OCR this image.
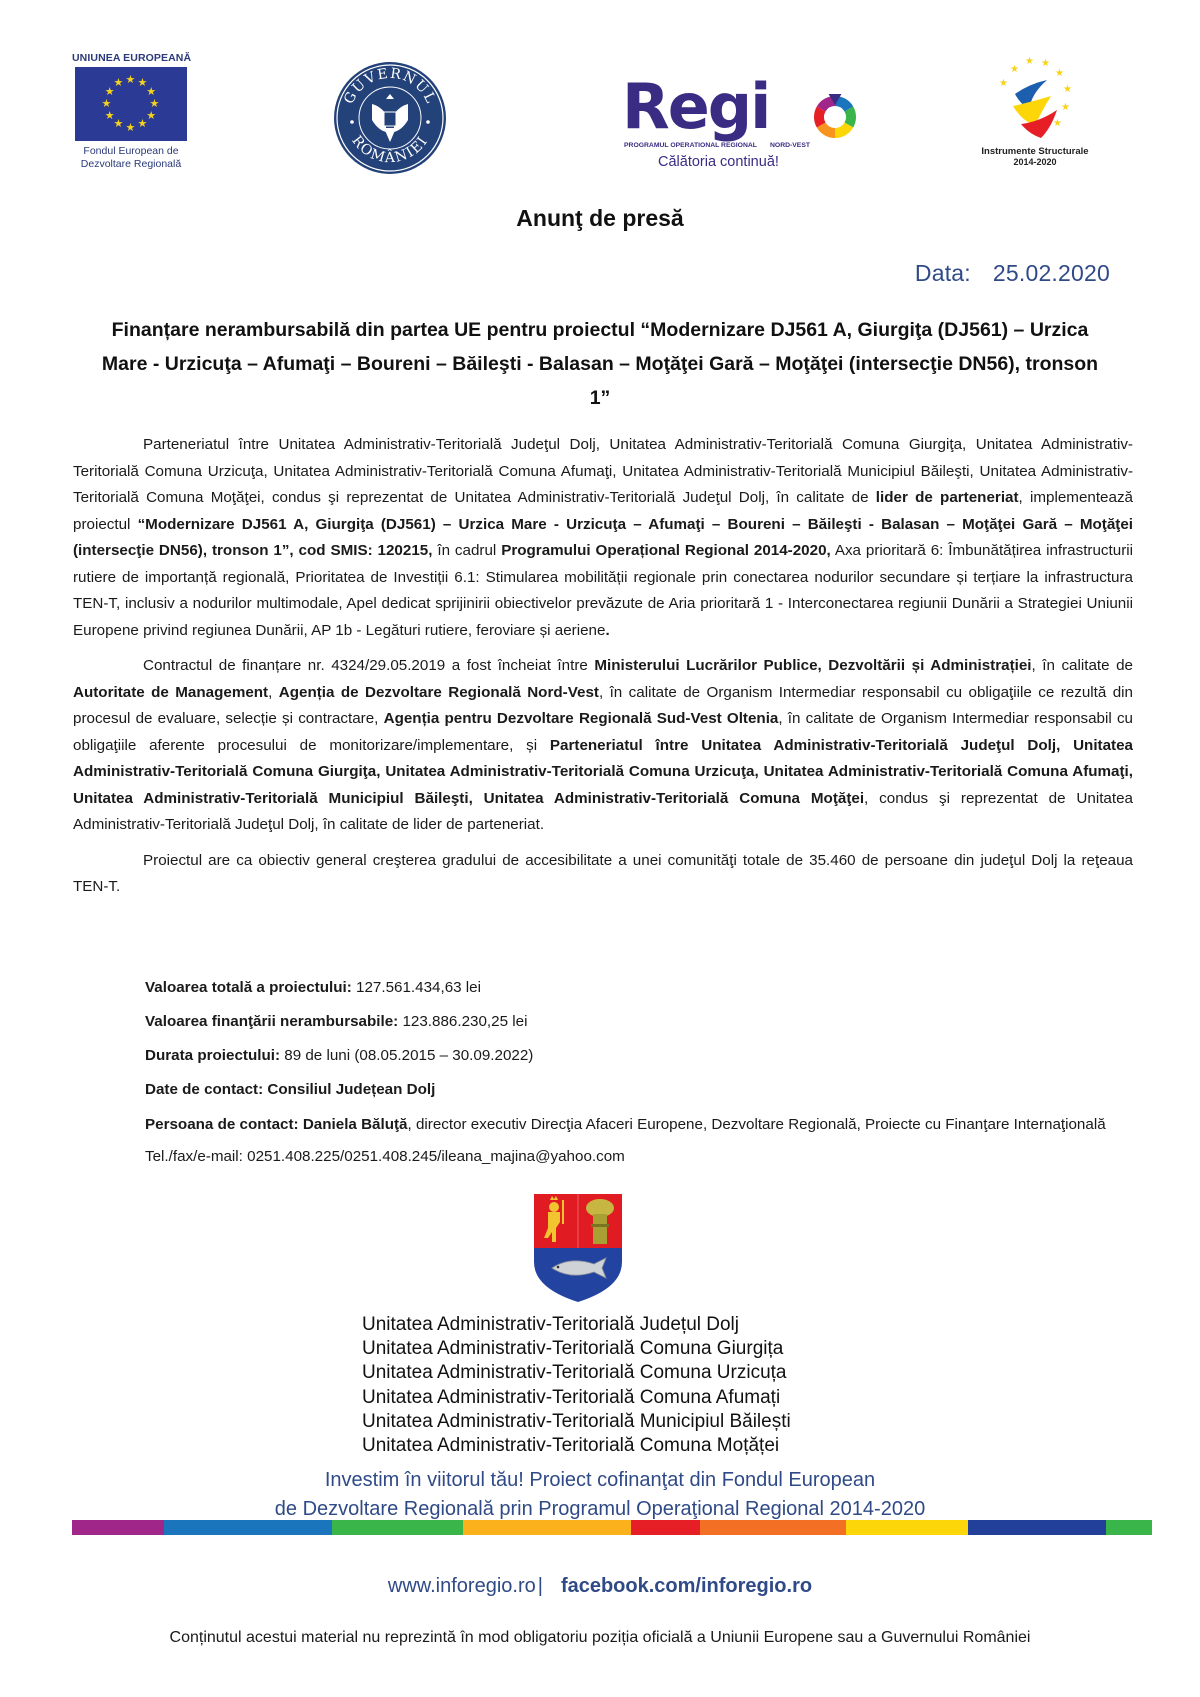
UNIUNEA EUROPEANĂ
★ ★
★
★
★
★
★
★
★
★
★
★
Fondul European de
Dezvoltare Regională
GUVERNUL
ROMÂNIEI	Regi
PROGRAMUL OPERATIONAL REGIONAL NORD-VEST
Călătoria continuă!
★ ★
★	★
★
★
★
★
Instrumente Structurale
2014-2020
Anunţ de presă
Data: 25.02.2020
Finanțare nerambursabilă din partea UE pentru proiectul “Modernizare DJ561 A, Giurgiţa (DJ561) – Urzica Mare - Urzicuţa – Afumaţi – Boureni – Băileşti - Balasan – Moţăţei Gară – Moţăţei (intersecţie DN56), tronson 1”

Parteneriatul între Unitatea Administrativ-Teritorială Judeţul Dolj, Unitatea Administrativ-Teritorială Comuna Giurgiţa, Unitatea Administrativ-Teritorială Comuna Urzicuţa, Unitatea Administrativ-Teritorială Comuna Afumaţi, Unitatea Administrativ-Teritorială Municipiul Băileşti, Unitatea Administrativ-Teritorială Comuna Moţăţei, condus şi reprezentat de Unitatea Administrativ-Teritorială Judeţul Dolj, în calitate de lider de parteneriat, implementează proiectul “Modernizare DJ561 A, Giurgiţa (DJ561) – Urzica Mare - Urzicuţa – Afumaţi – Boureni – Băileşti - Balasan – Moţăţei Gară – Moţăţei (intersecţie DN56), tronson 1”, cod SMIS: 120215, în cadrul Programului Operațional Regional 2014-2020, Axa prioritară 6: Îmbunătățirea infrastructurii rutiere de importanță regională, Prioritatea de Investiții 6.1: Stimularea mobilității regionale prin conectarea nodurilor secundare și terțiare la infrastructura TEN-T, inclusiv a nodurilor multimodale, Apel dedicat sprijinirii obiectivelor prevăzute de Aria prioritară 1 - Interconectarea regiunii Dunării a Strategiei Uniunii Europene privind regiunea Dunării, AP 1b - Legături rutiere, feroviare și aeriene.

Contractul de finanțare nr. 4324/29.05.2019 a fost încheiat între Ministerului Lucrărilor Publice, Dezvoltării și Administrației, în calitate de Autoritate de Management, Agenția de Dezvoltare Regională Nord-Vest, în calitate de Organism Intermediar responsabil cu obligaţiile ce rezultă din procesul de evaluare, selecție și contractare, Agenția pentru Dezvoltare Regională Sud-Vest Oltenia, în calitate de Organism Intermediar responsabil cu obligaţiile aferente procesului de monitorizare/implementare, și Parteneriatul între Unitatea Administrativ-Teritorială Judeţul Dolj, Unitatea Administrativ-Teritorială Comuna Giurgiţa, Unitatea Administrativ-Teritorială Comuna Urzicuţa, Unitatea Administrativ-Teritorială Comuna Afumaţi, Unitatea Administrativ-Teritorială Municipiul Băileşti, Unitatea Administrativ-Teritorială Comuna Moţăţei, condus şi reprezentat de Unitatea Administrativ-Teritorială Judeţul Dolj, în calitate de lider de parteneriat.

Proiectul are ca obiectiv general creşterea gradului de accesibilitate a unei comunităţi totale de 35.460 de persoane din judeţul Dolj la reţeaua TEN-T.

Valoarea totală a proiectului: 127.561.434,63 lei
Valoarea finanţării nerambursabile: 123.886.230,25 lei
Durata proiectului: 89 de luni (08.05.2015 – 30.09.2022)
Date de contact: Consiliul Județean Dolj
Persoana de contact: Daniela Băluţă, director executiv Direcţia Afaceri Europene, Dezvoltare Regională, Proiecte cu Finanţare Internaţională
Tel./fax/e-mail: 0251.408.225/0251.408.245/ileana_majina@yahoo.com
Unitatea Administrativ-Teritorială Județul Dolj
Unitatea Administrativ-Teritorială Comuna Giurgița
Unitatea Administrativ-Teritorială Comuna Urzicuța
Unitatea Administrativ-Teritorială Comuna Afumați
Unitatea Administrativ-Teritorială Municipiul Băilești
Unitatea Administrativ-Teritorială Comuna Moțăței
Investim în viitorul tău! Proiect cofinanţat din Fondul European
de Dezvoltare Regională prin Programul Operaţional Regional 2014-2020
www.inforegio.ro | facebook.com/inforegio.ro
Conținutul acestui material nu reprezintă în mod obligatoriu poziția oficială a Uniunii Europene sau a Guvernului României
